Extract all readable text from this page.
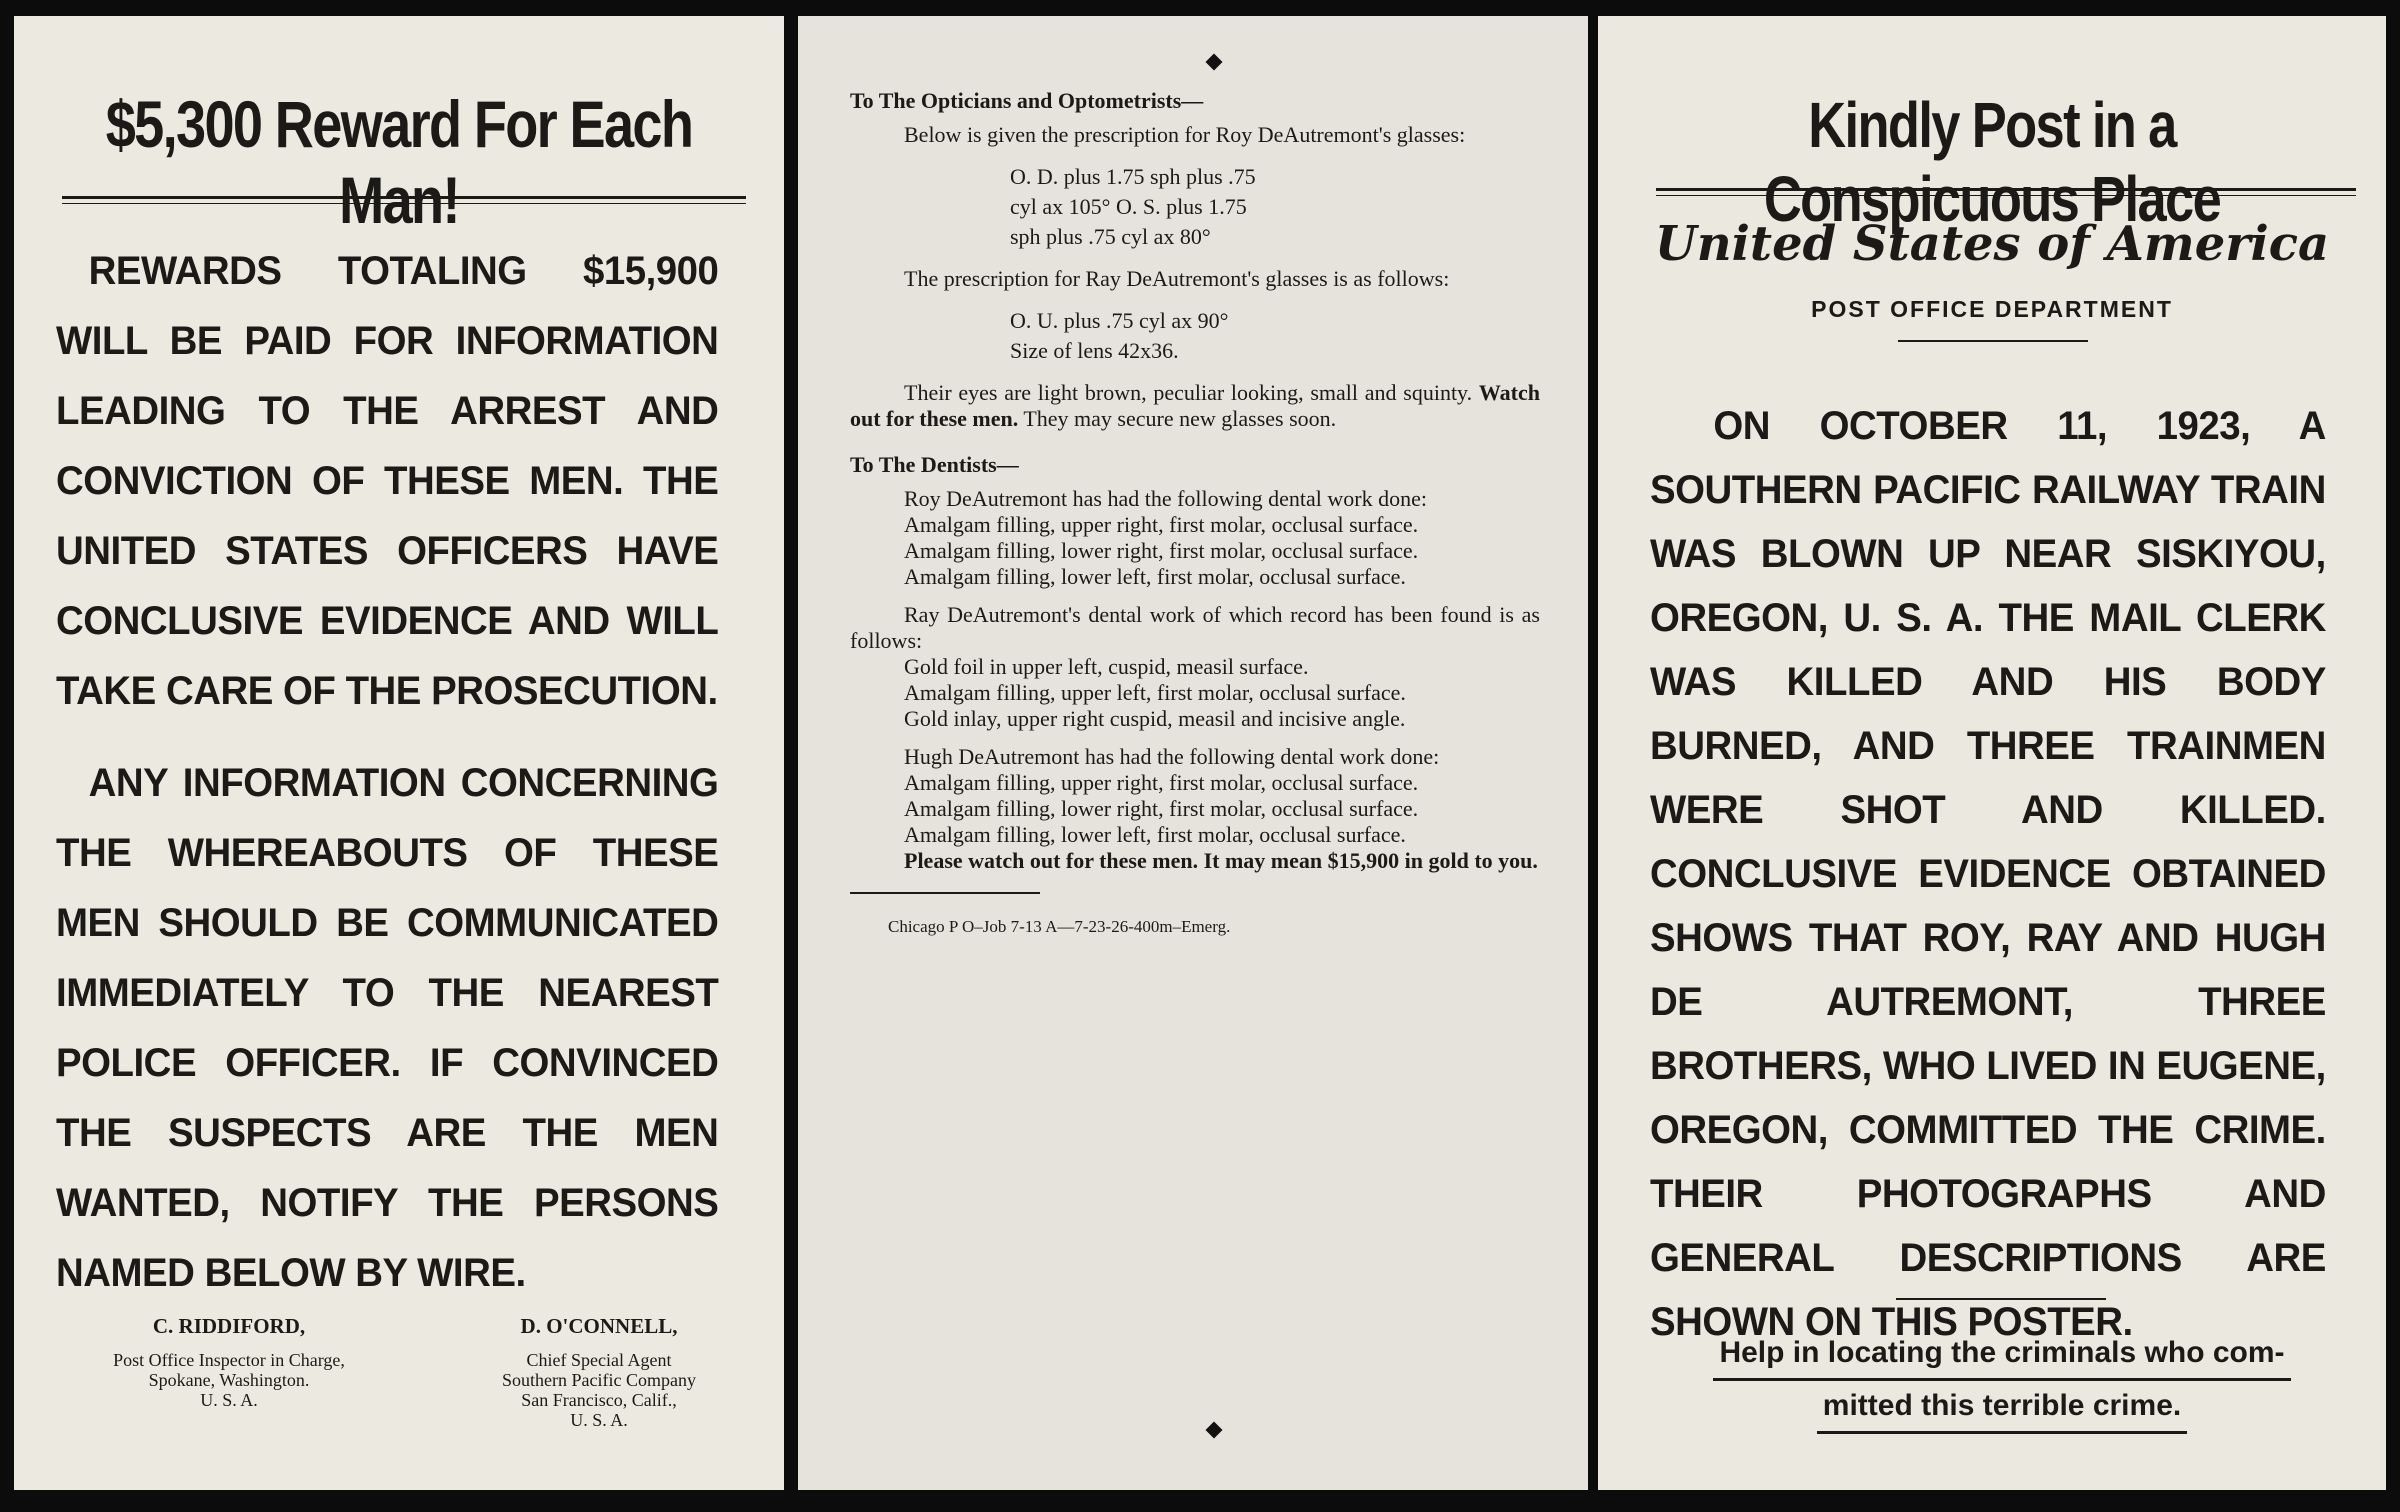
$5,300 Reward For Each Man!

REWARDS TOTALING $15,900 WILL BE PAID FOR INFORMATION LEADING TO THE ARREST AND CONVICTION OF THESE MEN. THE UNITED STATES OFFICERS HAVE CONCLUSIVE EVIDENCE AND WILL TAKE CARE OF THE PROSECUTION.

ANY INFORMATION CONCERNING THE WHEREABOUTS OF THESE MEN SHOULD BE COMMUNICATED IMMEDIATELY TO THE NEAREST POLICE OFFICER. IF CONVINCED THE SUSPECTS ARE THE MEN WANTED, NOTIFY THE PERSONS NAMED BELOW BY WIRE.

C. RIDDIFORD,
Post Office Inspector in Charge,
Spokane, Washington.
U. S. A.
D. O'CONNELL,
Chief Special Agent
Southern Pacific Company
San Francisco, Calif.,
U. S. A.

To The Opticians and Optometrists—

Below is given the prescription for Roy DeAutremont's glasses:

O. D. plus 1.75 sph plus .75
cyl ax 105° O. S. plus 1.75
sph plus .75 cyl ax 80°

The prescription for Ray DeAutremont's glasses is as follows:

O. U. plus .75 cyl ax 90°
Size of lens 42x36.

Their eyes are light brown, peculiar looking, small and squinty. Watch out for these men. They may secure new glasses soon.

To The Dentists—

Roy DeAutremont has had the following dental work done:

Amalgam filling, upper right, first molar, occlusal surface.

Amalgam filling, lower right, first molar, occlusal surface.

Amalgam filling, lower left, first molar, occlusal surface.

Ray DeAutremont's dental work of which record has been found is as follows:

Gold foil in upper left, cuspid, measil surface.

Amalgam filling, upper left, first molar, occlusal surface.

Gold inlay, upper right cuspid, measil and incisive angle.

Hugh DeAutremont has had the following dental work done:

Amalgam filling, upper right, first molar, occlusal surface.

Amalgam filling, lower right, first molar, occlusal surface.

Amalgam filling, lower left, first molar, occlusal surface.

Please watch out for these men. It may mean $15,900 in gold to you.

Chicago P O–Job 7-13 A—7-23-26-400m–Emerg.

Kindly Post in a Conspicuous Place
United States of America
POST OFFICE DEPARTMENT

ON OCTOBER 11, 1923, A SOUTHERN PACIFIC RAILWAY TRAIN WAS BLOWN UP NEAR SISKIYOU, OREGON, U. S. A. THE MAIL CLERK WAS KILLED AND HIS BODY BURNED, AND THREE TRAINMEN WERE SHOT AND KILLED. CONCLUSIVE EVIDENCE OBTAINED SHOWS THAT ROY, RAY AND HUGH DE AUTREMONT, THREE BROTHERS, WHO LIVED IN EUGENE, OREGON, COMMITTED THE CRIME. THEIR PHOTOGRAPHS AND GENERAL DESCRIPTIONS ARE SHOWN ON THIS POSTER.

Help in locating the criminals who com-
mitted this terrible crime.
